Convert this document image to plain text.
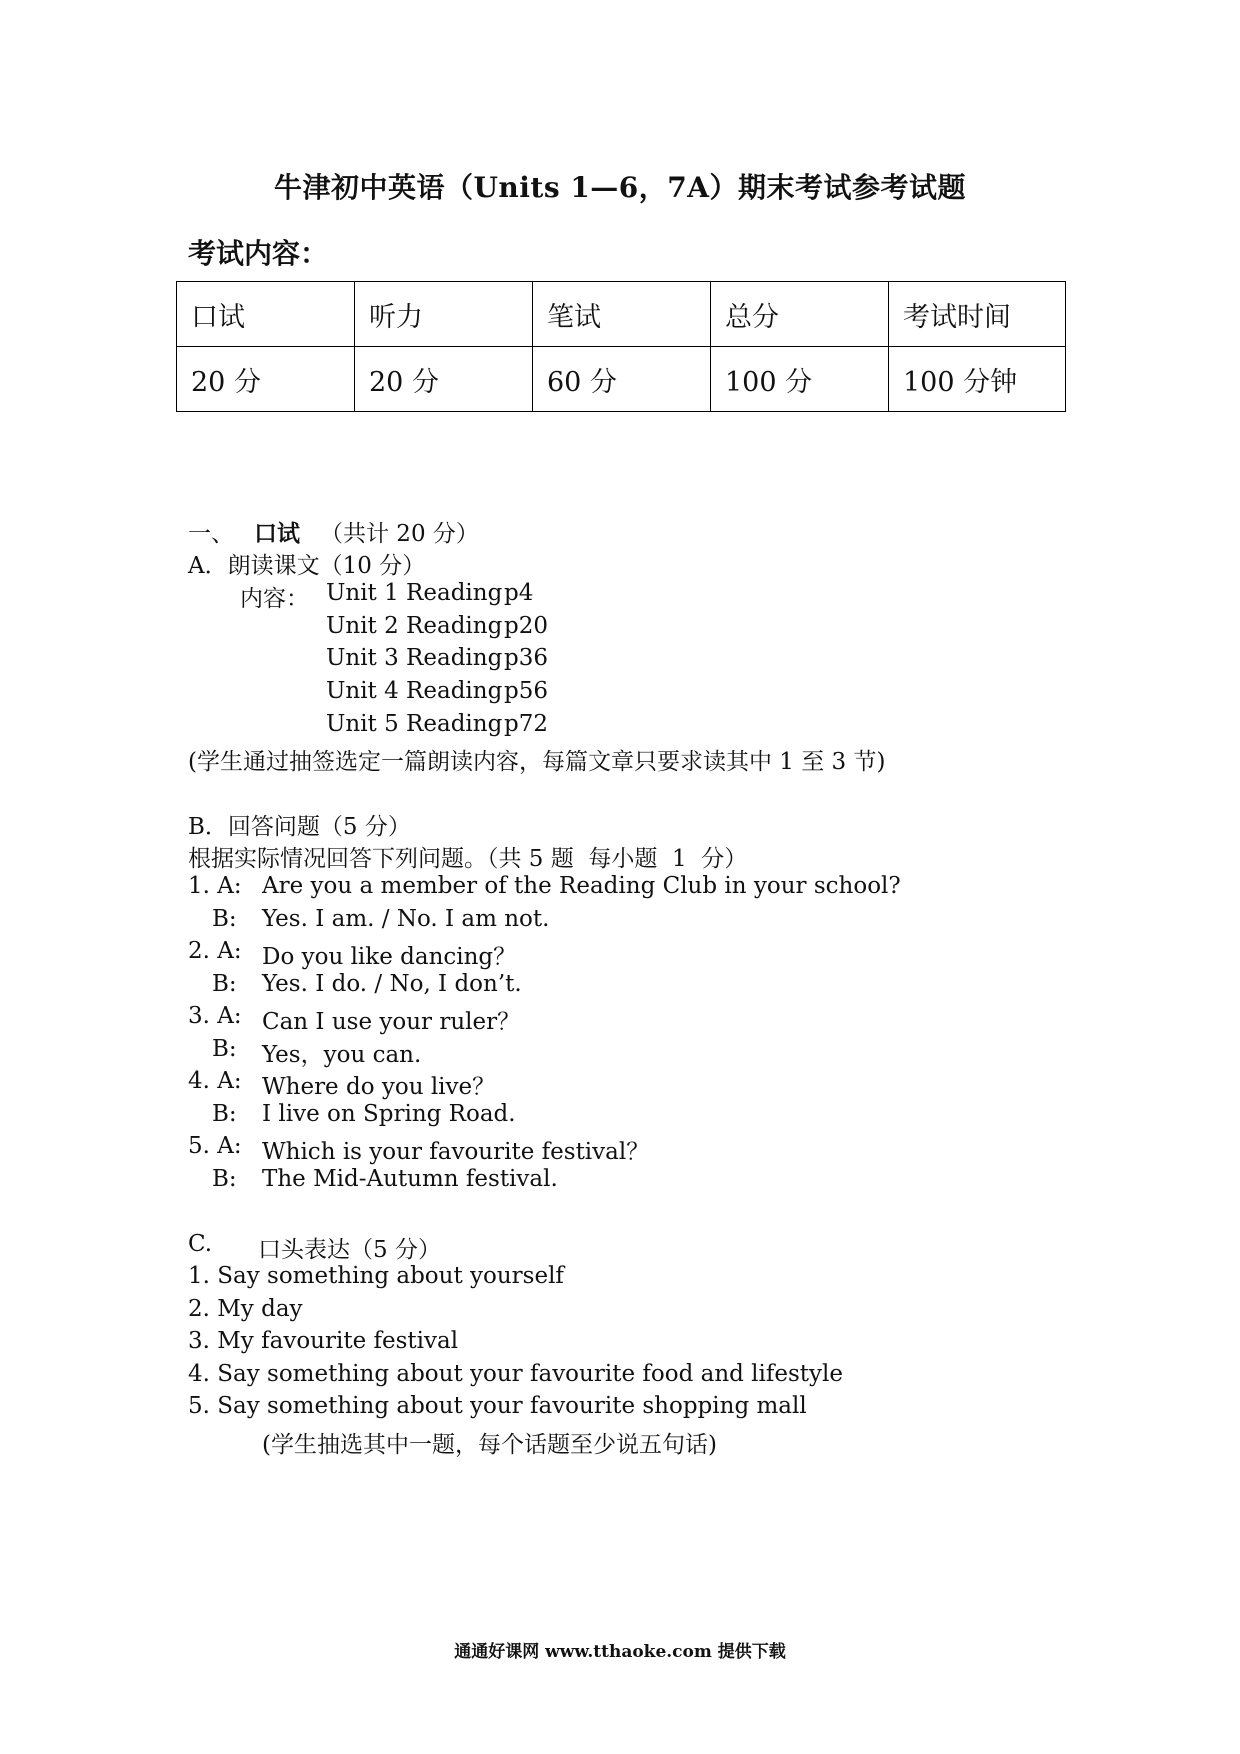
牛津初中英语（Units 1—6，7A）期末考试参考试题
考试内容：
口试	听力	笔试	总分	考试时间
20 分	20 分	60 分	100 分	100 分钟
一、 口试 （共计 20 分）
A．朗读课文（10 分）
内容： Unit 1 Reading p4
Unit 2 Reading p20
Unit 3 Reading p36
Unit 4 Reading p56
Unit 5 Reading p72
(学生通过抽签选定一篇朗读内容，每篇文章只要求读其中 1 至 3 节)
B．回答问题（5 分）
根据实际情况回答下列问题。（共 5 题  每小题  1  分）
1. A: Are you a member of the Reading Club in your school?
B: Yes. I am. / No. I am not.
2. A: Do you like dancing？
B: Yes. I do. / No, I don’t.
3. A: Can I use your ruler？
B: Yes，you can.
4. A: Where do you live？
B: I live on Spring Road.
5. A: Which is your favourite festival？
B: The Mid-Autumn festival.
C. 口头表达（5 分）
1. Say something about yourself
2. My day
3. My favourite festival
4. Say something about your favourite food and lifestyle
5. Say something about your favourite shopping mall
(学生抽选其中一题，每个话题至少说五句话)
通通好课网 www.tthaoke.com 提供下载
